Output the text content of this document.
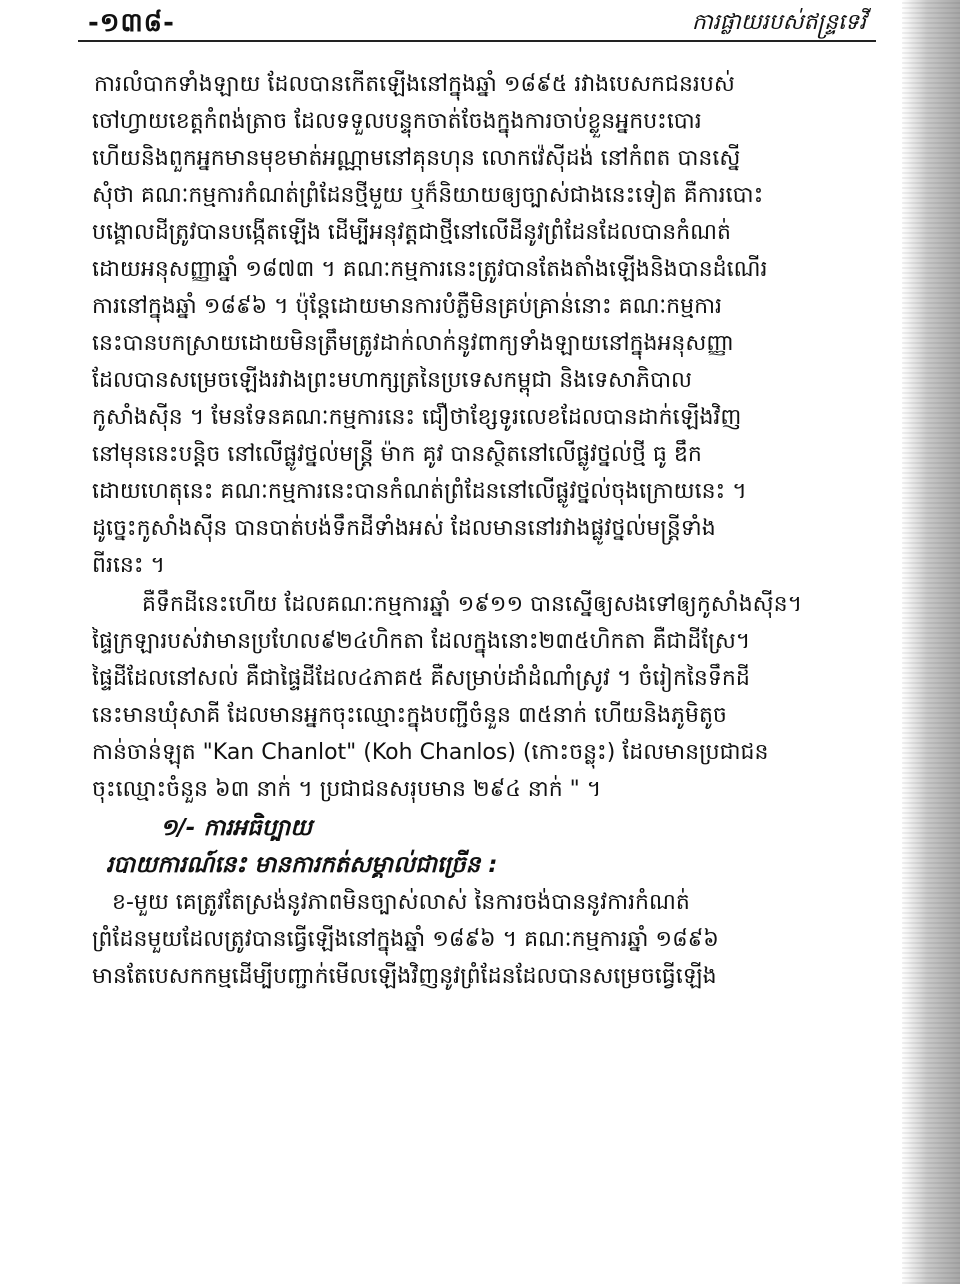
-១៣៨-	ការផ្លាយរបស់ឥន្ទ្រទេវី
ការលំបាកទាំងឡាយ ដែលបានកើតឡើងនៅក្នុងឆ្នាំ ១៨៩៥ រវាងបេសកជនរបស់
ចៅហ្វាយខេត្តកំពង់ត្រាច ដែលទទួលបន្ទុកចាត់ចែងក្នុងការចាប់ខ្លួនអ្នកបះបោរ
ហើយនិងពួកអ្នកមានមុខមាត់អណ្ណាមនៅគុនហុន លោកវ៉េស៊ីដង់ នៅកំពត បានស្នើ
សុំថា គណៈកម្មការកំណត់ព្រំដែនថ្មីមួយ ឬក៏និយាយឲ្យច្បាស់ជាងនេះទៀត គឺការបោះ
បង្គោលដីត្រូវបានបង្កើតឡើង ដើម្បីអនុវត្តជាថ្មីនៅលើដីនូវព្រំដែនដែលបានកំណត់
ដោយអនុសញ្ញាឆ្នាំ ១៨៧៣ ។ គណៈកម្មការនេះត្រូវបានតែងតាំងឡើងនិងបានដំណើរ
ការនៅក្នុងឆ្នាំ ១៨៩៦ ។ ប៉ុន្តែដោយមានការបំភ្លឺមិនគ្រប់គ្រាន់នោះ គណៈកម្មការ
នេះបានបកស្រាយដោយមិនត្រឹមត្រូវដាក់លាក់នូវពាក្យទាំងឡាយនៅក្នុងអនុសញ្ញា
ដែលបានសម្រេចឡើងរវាងព្រះមហាក្សត្រនៃប្រទេសកម្ពុជា និងទេសាភិបាល
កូសាំងស៊ីន ។ មែនទែនគណៈកម្មការនេះ ជឿថាខ្សែទូរលេខដែលបានដាក់ឡើងវិញ
នៅមុននេះបន្តិច នៅលើផ្លូវថ្នល់មន្ត្រី ម៉ាក គូវ បានស្ថិតនៅលើផ្លូវថ្នល់ថ្មី ធូ ឌឹក
ដោយហេតុនេះ គណៈកម្មការនេះបានកំណត់ព្រំដែននៅលើផ្លូវថ្នល់ចុងក្រោយនេះ ។
ដូច្នេះកូសាំងស៊ីន បានបាត់បង់ទឹកដីទាំងអស់ ដែលមាននៅរវាងផ្លូវថ្នល់មន្ត្រីទាំង
ពីរនេះ ។
គឺទឹកដីនេះហើយ ដែលគណៈកម្មការឆ្នាំ ១៩១១ បានស្នើឲ្យសងទៅឲ្យកូសាំងស៊ីន។
ផ្ទៃក្រឡារបស់វាមានប្រហែល៩២៤ហិកតា ដែលក្នុងនោះ២៣៥ហិកតា គឺជាដីស្រែ។
ផ្ទៃដីដែលនៅសល់ គឺជាផ្ទៃដីដែល៤ភាគ៥ គឺសម្រាប់ដាំដំណាំស្រូវ ។ ចំរៀកនៃទឹកដី
នេះមានឃុំសាគី ដែលមានអ្នកចុះឈ្មោះក្នុងបញ្ជីចំនួន ៣៥នាក់ ហើយនិងភូមិតូច
កាន់ចាន់ឡុត "Kan Chanlot" (Koh Chanlos) (កោះចន្លុះ) ដែលមានប្រជាជន
ចុះឈ្មោះចំនួន ៦៣ នាក់ ។ ប្រជាជនសរុបមាន ២៩៤ នាក់ " ។
១/- ការអធិប្បាយ
របាយការណ៍នេះ មានការកត់សម្គាល់ជាច្រើន :
ខ-មួយ គេត្រូវតែស្រង់នូវភាពមិនច្បាស់លាស់ នៃការចង់បាននូវការកំណត់
ព្រំដែនមួយដែលត្រូវបានធ្វើឡើងនៅក្នុងឆ្នាំ ១៨៩៦ ។ គណៈកម្មការឆ្នាំ ១៨៩៦
មានតែបេសកកម្មដើម្បីបញ្ជាក់មើលឡើងវិញនូវព្រំដែនដែលបានសម្រេចធ្វើឡើង
